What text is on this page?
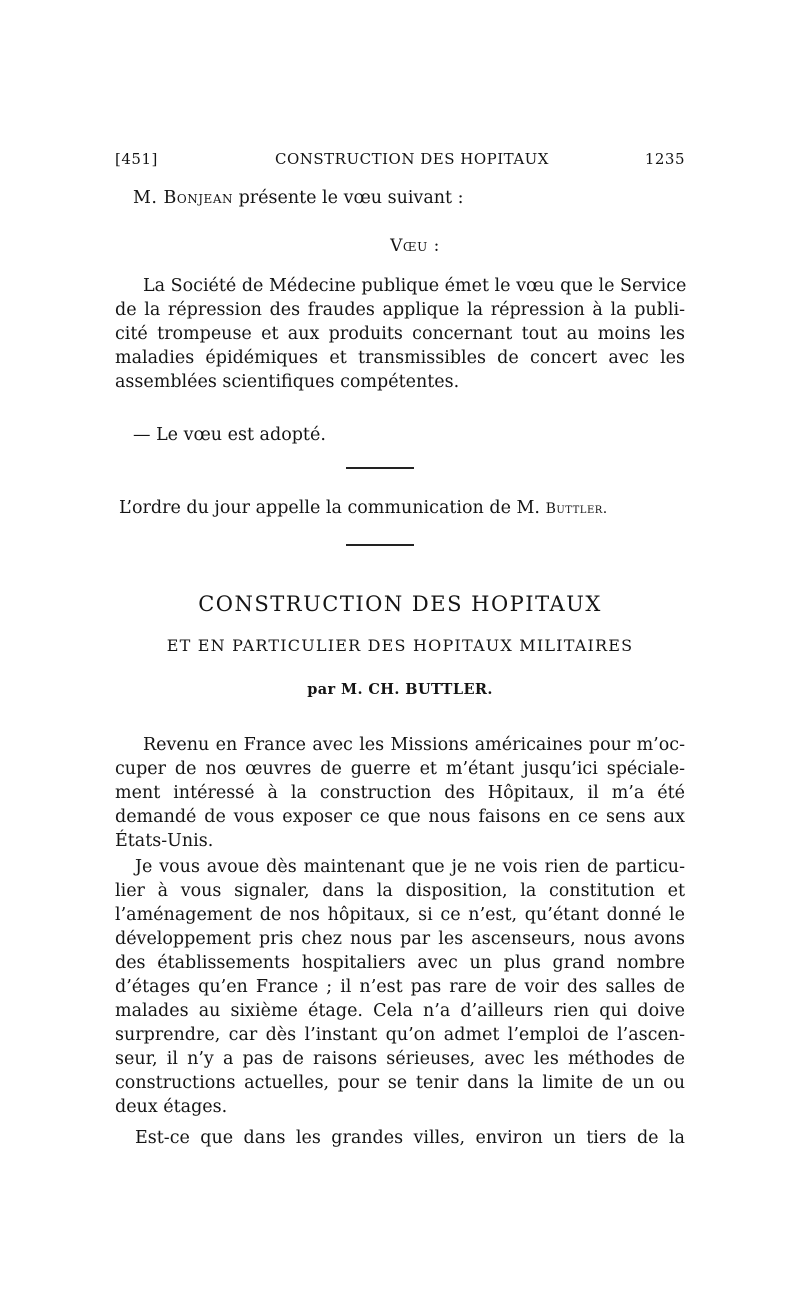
[451]	CONSTRUCTION DES HOPITAUX	1235

M. Bonjean présente le vœu suivant :

Vœu :

La Société de Médecine publique émet le vœu que le Service
de la répression des fraudes applique la répression à la publi-
cité trompeuse et aux produits concernant tout au moins les
maladies épidémiques et transmissibles de concert avec les
assemblées scientifiques compétentes.

— Le vœu est adopté.

L’ordre du jour appelle la communication de M. Buttler.

CONSTRUCTION DES HOPITAUX

ET EN PARTICULIER DES HOPITAUX MILITAIRES

par M. CH. BUTTLER.

Revenu en France avec les Missions américaines pour m’oc-
cuper de nos œuvres de guerre et m’étant jusqu’ici spéciale-
ment intéressé à la construction des Hôpitaux, il m’a été
demandé de vous exposer ce que nous faisons en ce sens aux
États-Unis.

Je vous avoue dès maintenant que je ne vois rien de particu-
lier à vous signaler, dans la disposition, la constitution et
l’aménagement de nos hôpitaux, si ce n’est, qu’étant donné le
développement pris chez nous par les ascenseurs, nous avons
des établissements hospitaliers avec un plus grand nombre
d’étages qu’en France ; il n’est pas rare de voir des salles de
malades au sixième étage. Cela n’a d’ailleurs rien qui doive
surprendre, car dès l’instant qu’on admet l’emploi de l’ascen-
seur, il n’y a pas de raisons sérieuses, avec les méthodes de
constructions actuelles, pour se tenir dans la limite de un ou
deux étages.

Est-ce que dans les grandes villes, environ un tiers de la
